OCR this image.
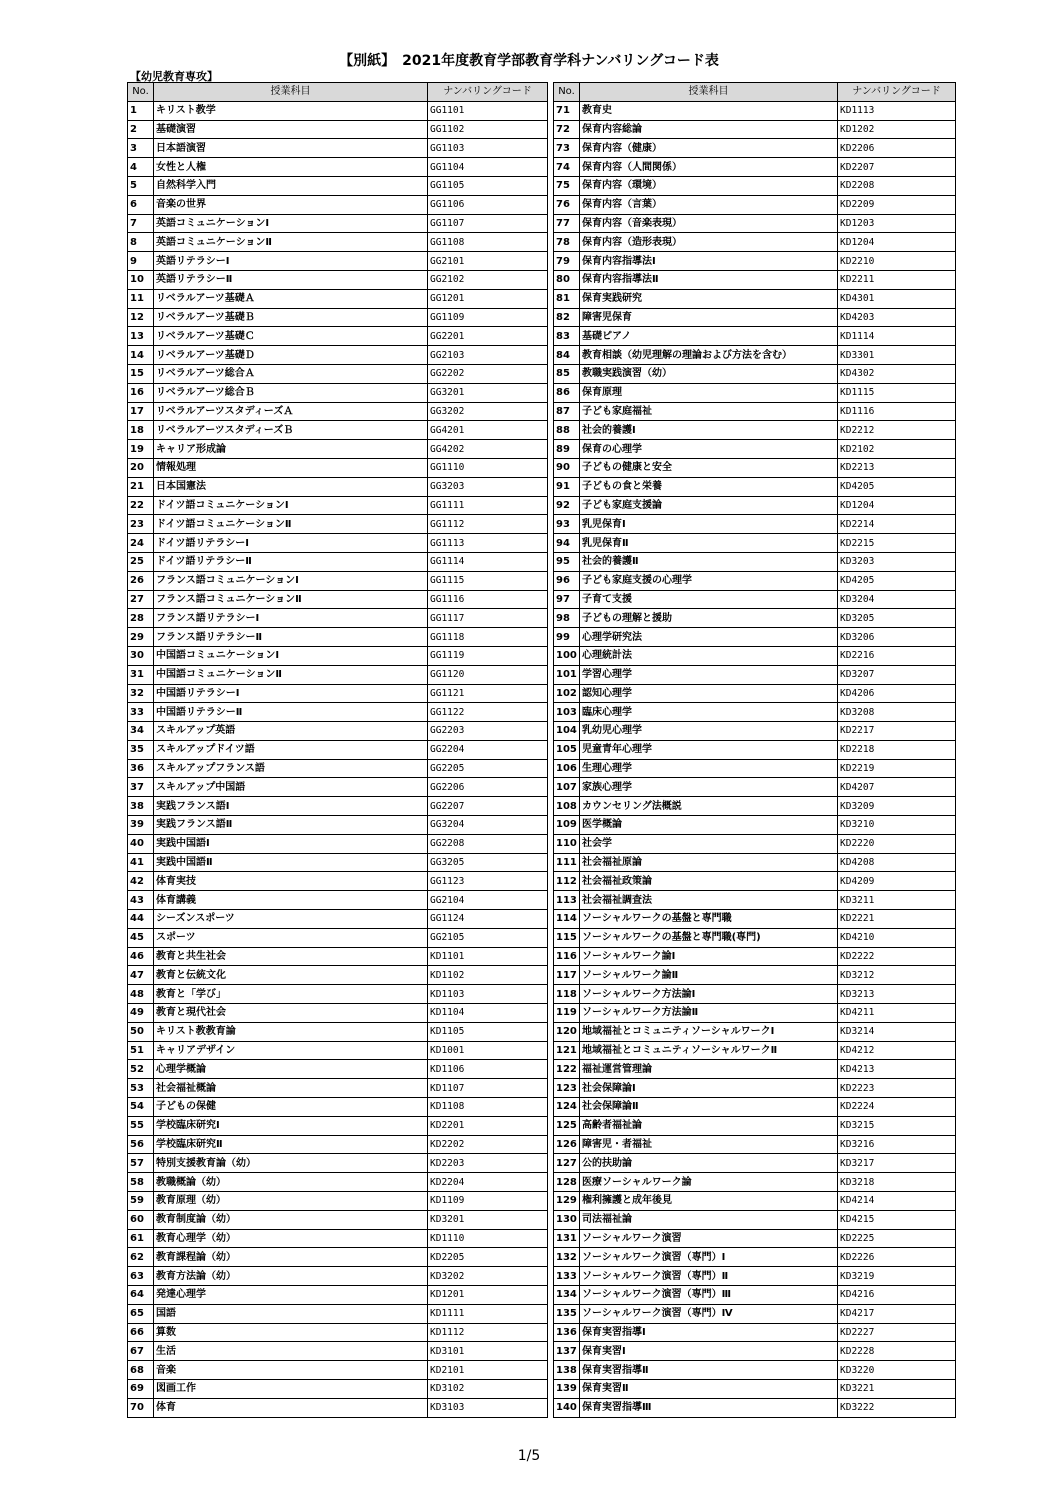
【別紙】　2021年度教育学部教育学科ナンバリングコード表
【幼児教育専攻】
No.	授業科目	ナンバリングコード
1	キリスト教学	GG1101
2	基礎演習	GG1102
3	日本語演習	GG1103
4	女性と人権	GG1104
5	自然科学入門	GG1105
6	音楽の世界	GG1106
7	英語コミュニケーションⅠ	GG1107
8	英語コミュニケーションⅡ	GG1108
9	英語リテラシーⅠ	GG2101
10	英語リテラシーⅡ	GG2102
11	リベラルアーツ基礎Ａ	GG1201
12	リベラルアーツ基礎Ｂ	GG1109
13	リベラルアーツ基礎Ｃ	GG2201
14	リベラルアーツ基礎Ｄ	GG2103
15	リベラルアーツ総合Ａ	GG2202
16	リベラルアーツ総合Ｂ	GG3201
17	リベラルアーツスタディーズＡ	GG3202
18	リベラルアーツスタディーズＢ	GG4201
19	キャリア形成論	GG4202
20	情報処理	GG1110
21	日本国憲法	GG3203
22	ドイツ語コミュニケーションⅠ	GG1111
23	ドイツ語コミュニケーションⅡ	GG1112
24	ドイツ語リテラシーⅠ	GG1113
25	ドイツ語リテラシーⅡ	GG1114
26	フランス語コミュニケーションⅠ	GG1115
27	フランス語コミュニケーションⅡ	GG1116
28	フランス語リテラシーⅠ	GG1117
29	フランス語リテラシーⅡ	GG1118
30	中国語コミュニケーションⅠ	GG1119
31	中国語コミュニケーションⅡ	GG1120
32	中国語リテラシーⅠ	GG1121
33	中国語リテラシーⅡ	GG1122
34	スキルアップ英語	GG2203
35	スキルアップドイツ語	GG2204
36	スキルアップフランス語	GG2205
37	スキルアップ中国語	GG2206
38	実践フランス語Ⅰ	GG2207
39	実践フランス語Ⅱ	GG3204
40	実践中国語Ⅰ	GG2208
41	実践中国語Ⅱ	GG3205
42	体育実技	GG1123
43	体育講義	GG2104
44	シーズンスポーツ	GG1124
45	スポーツ	GG2105
46	教育と共生社会	KD1101
47	教育と伝統文化	KD1102
48	教育と「学び」	KD1103
49	教育と現代社会	KD1104
50	キリスト教教育論	KD1105
51	キャリアデザイン	KD1001
52	心理学概論	KD1106
53	社会福祉概論	KD1107
54	子どもの保健	KD1108
55	学校臨床研究Ⅰ	KD2201
56	学校臨床研究Ⅱ	KD2202
57	特別支援教育論（幼）	KD2203
58	教職概論（幼）	KD2204
59	教育原理（幼）	KD1109
60	教育制度論（幼）	KD3201
61	教育心理学（幼）	KD1110
62	教育課程論（幼）	KD2205
63	教育方法論（幼）	KD3202
64	発達心理学	KD1201
65	国語	KD1111
66	算数	KD1112
67	生活	KD3101
68	音楽	KD2101
69	図画工作	KD3102
70	体育	KD3103
No.	授業科目	ナンバリングコード
71	教育史	KD1113
72	保育内容総論	KD1202
73	保育内容（健康）	KD2206
74	保育内容（人間関係）	KD2207
75	保育内容（環境）	KD2208
76	保育内容（言葉）	KD2209
77	保育内容（音楽表現）	KD1203
78	保育内容（造形表現）	KD1204
79	保育内容指導法Ⅰ	KD2210
80	保育内容指導法Ⅱ	KD2211
81	保育実践研究	KD4301
82	障害児保育	KD4203
83	基礎ピアノ	KD1114
84	教育相談（幼児理解の理論および方法を含む）	KD3301
85	教職実践演習（幼）	KD4302
86	保育原理	KD1115
87	子ども家庭福祉	KD1116
88	社会的養護Ⅰ	KD2212
89	保育の心理学	KD2102
90	子どもの健康と安全	KD2213
91	子どもの食と栄養	KD4205
92	子ども家庭支援論	KD1204
93	乳児保育Ⅰ	KD2214
94	乳児保育Ⅱ	KD2215
95	社会的養護Ⅱ	KD3203
96	子ども家庭支援の心理学	KD4205
97	子育て支援	KD3204
98	子どもの理解と援助	KD3205
99	心理学研究法	KD3206
100	心理統計法	KD2216
101	学習心理学	KD3207
102	認知心理学	KD4206
103	臨床心理学	KD3208
104	乳幼児心理学	KD2217
105	児童青年心理学	KD2218
106	生理心理学	KD2219
107	家族心理学	KD4207
108	カウンセリング法概説	KD3209
109	医学概論	KD3210
110	社会学	KD2220
111	社会福祉原論	KD4208
112	社会福祉政策論	KD4209
113	社会福祉調査法	KD3211
114	ソーシャルワークの基盤と専門職	KD2221
115	ソーシャルワークの基盤と専門職(専門)	KD4210
116	ソーシャルワーク論Ⅰ	KD2222
117	ソーシャルワーク論Ⅱ	KD3212
118	ソーシャルワーク方法論Ⅰ	KD3213
119	ソーシャルワーク方法論Ⅱ	KD4211
120	地域福祉とコミュニティソーシャルワークⅠ	KD3214
121	地域福祉とコミュニティソーシャルワークⅡ	KD4212
122	福祉運営管理論	KD4213
123	社会保障論Ⅰ	KD2223
124	社会保障論Ⅱ	KD2224
125	高齢者福祉論	KD3215
126	障害児・者福祉	KD3216
127	公的扶助論	KD3217
128	医療ソーシャルワーク論	KD3218
129	権利擁護と成年後見	KD4214
130	司法福祉論	KD4215
131	ソーシャルワーク演習	KD2225
132	ソーシャルワーク演習（専門）Ⅰ	KD2226
133	ソーシャルワーク演習（専門）Ⅱ	KD3219
134	ソーシャルワーク演習（専門）Ⅲ	KD4216
135	ソーシャルワーク演習（専門）Ⅳ	KD4217
136	保育実習指導Ⅰ	KD2227
137	保育実習Ⅰ	KD2228
138	保育実習指導Ⅱ	KD3220
139	保育実習Ⅱ	KD3221
140	保育実習指導Ⅲ	KD3222
1/5
